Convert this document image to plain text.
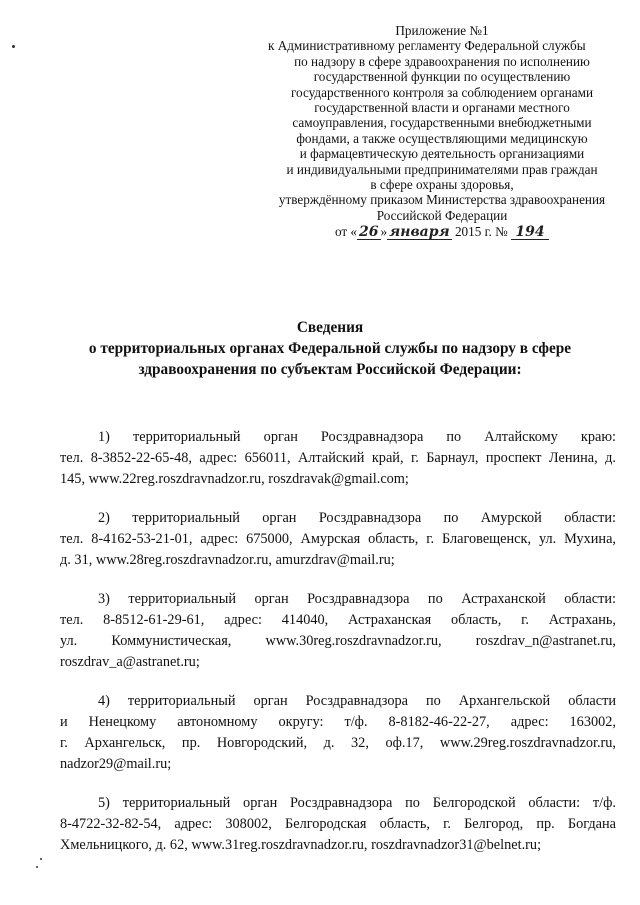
Приложение №1
к Административному регламенту Федеральной службы
по надзору в сфере здравоохранения по исполнению
государственной функции по осуществлению
государственного контроля за соблюдением органами
государственной власти и органами местного
самоуправления, государственными внебюджетными
фондами, а также осуществляющими медицинскую
и фармацевтическую деятельность организациями
и индивидуальными предпринимателями прав граждан
в сфере охраны здоровья,
утверждённому приказом Министерства здравоохранения
Российской Федерации
от « 26 » января 2015 г. № 194
Сведения
о территориальных органах Федеральной службы по надзору в сфере
здравоохранения по субъектам Российской Федерации:
1) территориальный орган Росздравнадзора по Алтайскому краю:
тел. 8-3852-22-65-48, адрес: 656011, Алтайский край, г. Барнаул, проспект Ленина, д.
145, www.22reg.roszdravnadzor.ru, roszdravak@gmail.com;
2) территориальный орган Росздравнадзора по Амурской области:
тел. 8-4162-53-21-01, адрес: 675000, Амурская область, г. Благовещенск, ул. Мухина,
д. 31, www.28reg.roszdravnadzor.ru, amurzdrav@mail.ru;
3) территориальный орган Росздравнадзора по Астраханской области:
тел. 8-8512-61-29-61, адрес: 414040, Астраханская область, г. Астрахань,
ул. Коммунистическая, www.30reg.roszdravnadzor.ru, roszdrav_n@astranet.ru,
roszdrav_a@astranet.ru;
4) территориальный орган Росздравнадзора по Архангельской области
и Ненецкому автономному округу: т/ф. 8-8182-46-22-27, адрес: 163002,
г. Архангельск, пр. Новгородский, д. 32, оф.17, www.29reg.roszdravnadzor.ru,
nadzor29@mail.ru;
5) территориальный орган Росздравнадзора по Белгородской области: т/ф.
8-4722-32-82-54, адрес: 308002, Белгородская область, г. Белгород, пр. Богдана
Хмельницкого, д. 62, www.31reg.roszdravnadzor.ru, roszdravnadzor31@belnet.ru;
